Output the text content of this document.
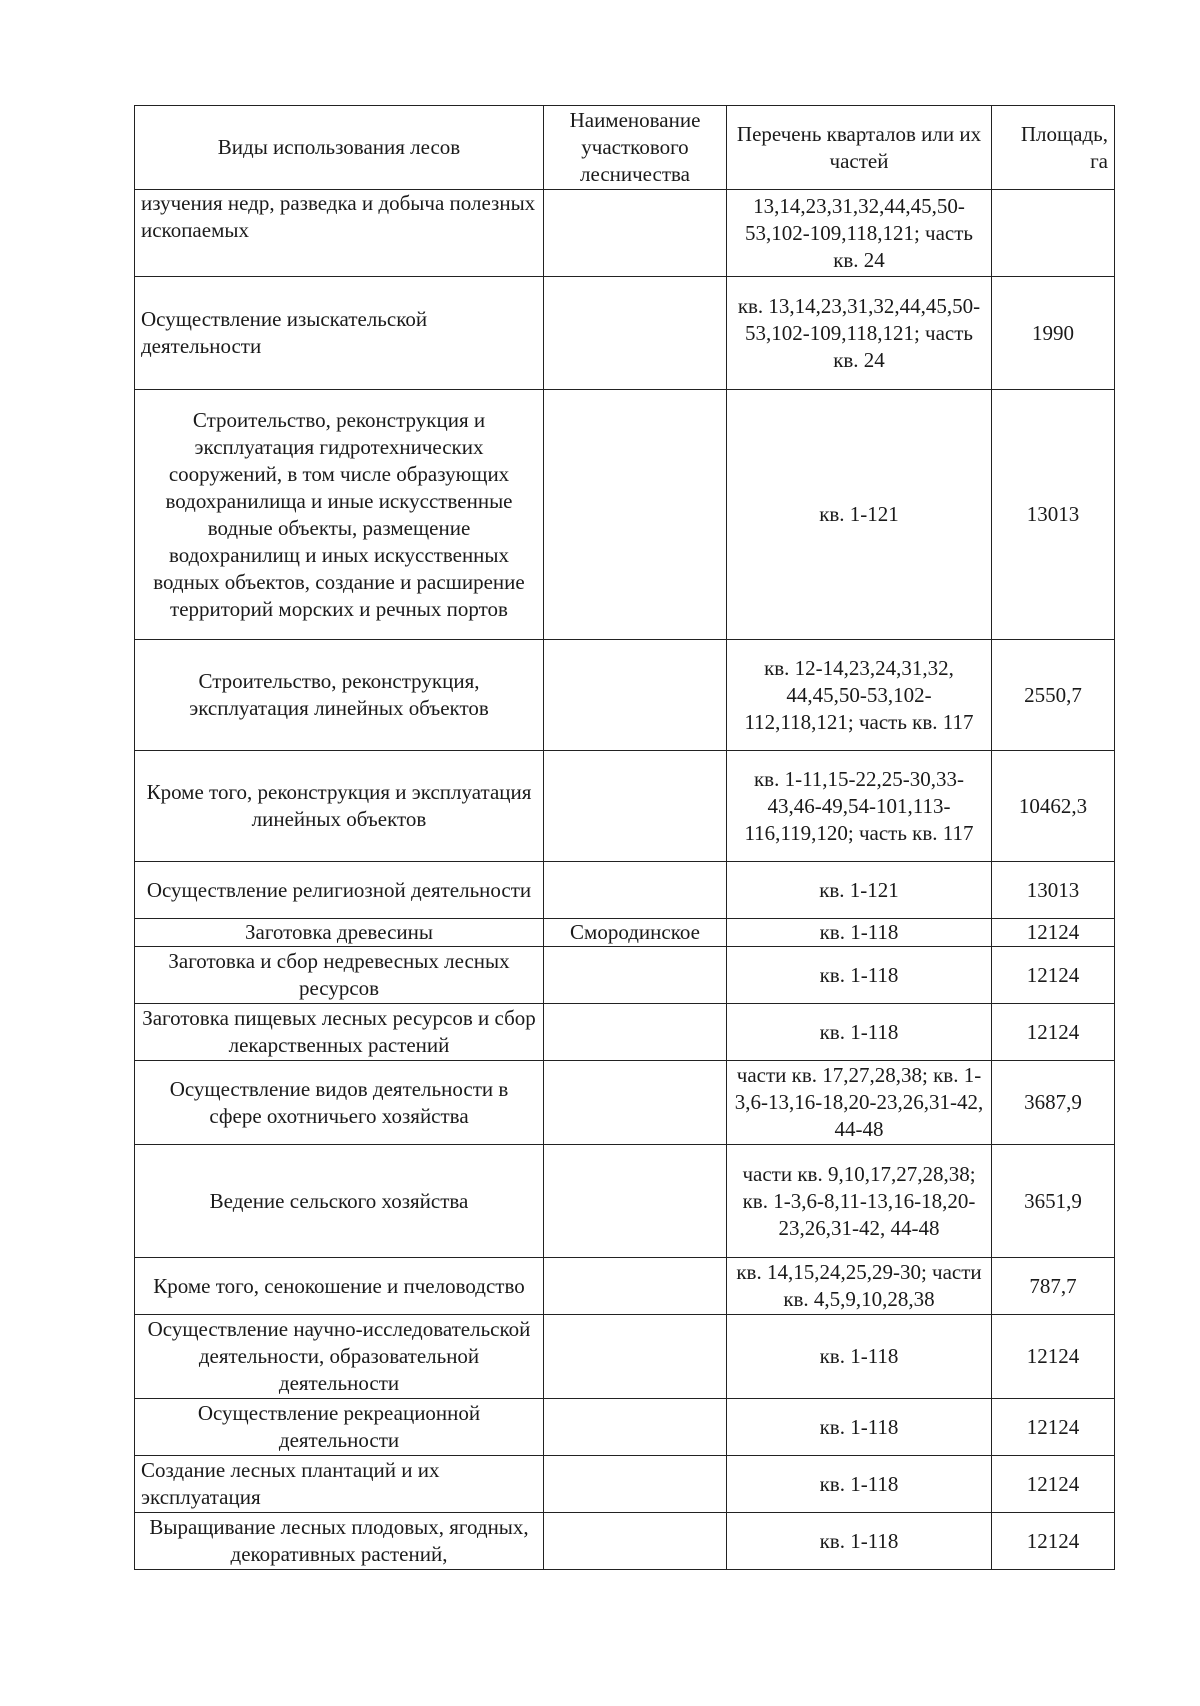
Виды использования лесов	Наименование участкового лесничества	Перечень кварталов или их частей	Площадь, га
изучения недр, разведка и добыча полезных ископаемых		13,14,23,31,32,44,45,50-53,102-109,118,121; часть кв. 24	
Осуществление изыскательской деятельности		кв. 13,14,23,31,32,44,45,50-53,102-109,118,121; часть кв. 24	1990
Строительство, реконструкция и эксплуатация гидротехнических сооружений, в том числе образующих водохранилища и иные искусственные водные объекты, размещение водохранилищ и иных искусственных водных объектов, создание и расширение территорий морских и речных портов		кв. 1-121	13013
Строительство, реконструкция, эксплуатация линейных объектов		кв. 12-14,23,24,31,32, 44,45,50-53,102-112,118,121; часть кв. 117	2550,7
Кроме того, реконструкция и эксплуатация линейных объектов		кв. 1-11,15-22,25-30,33-43,46-49,54-101,113-116,119,120; часть кв. 117	10462,3
Осуществление религиозной деятельности		кв. 1-121	13013
Заготовка древесины	Смородинское	кв. 1-118	12124
Заготовка и сбор недревесных лесных ресурсов		кв. 1-118	12124
Заготовка пищевых лесных ресурсов и сбор лекарственных растений		кв. 1-118	12124
Осуществление видов деятельности в сфере охотничьего хозяйства		части кв. 17,27,28,38; кв. 1-3,6-13,16-18,20-23,26,31-42, 44-48	3687,9
Ведение сельского хозяйства		части кв. 9,10,17,27,28,38; кв. 1-3,6-8,11-13,16-18,20-23,26,31-42, 44-48	3651,9
Кроме того, сенокошение и пчеловодство		кв. 14,15,24,25,29-30; части кв. 4,5,9,10,28,38	787,7
Осуществление научно-исследовательской деятельности, образовательной деятельности		кв. 1-118	12124
Осуществление рекреационной деятельности		кв. 1-118	12124
Создание лесных плантаций и их эксплуатация		кв. 1-118	12124
Выращивание лесных плодовых, ягодных, декоративных растений,		кв. 1-118	12124
